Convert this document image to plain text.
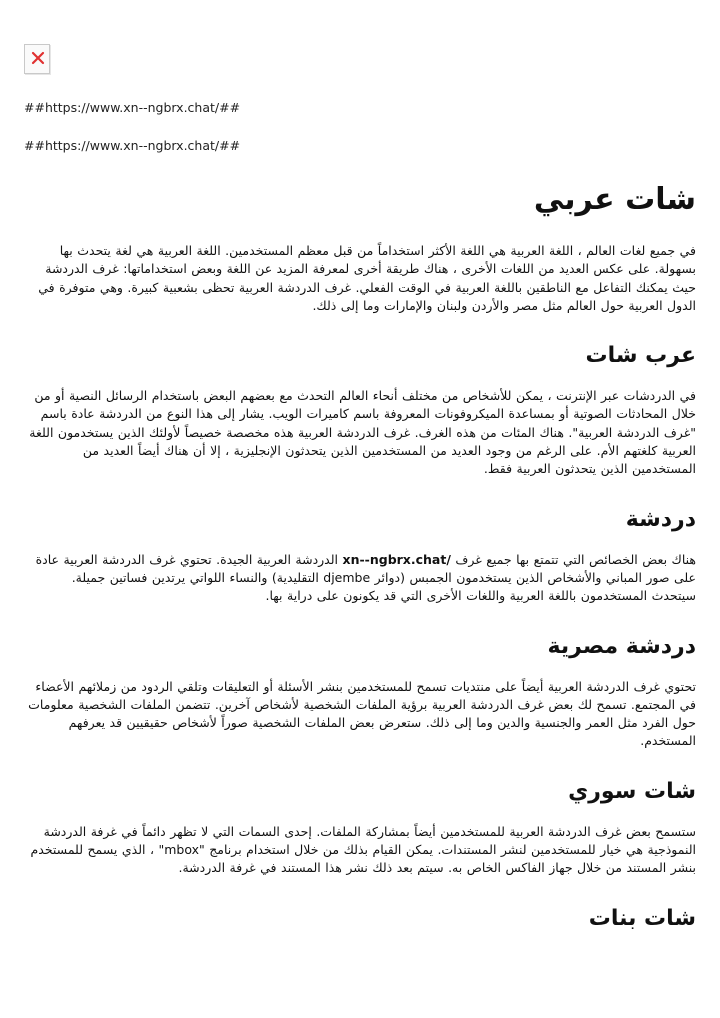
##https://www.xn--ngbrx.chat/##

##https://www.xn--ngbrx.chat/##

شات عربي

في جميع لغات العالم ، اللغة العربية هي اللغة الأكثر استخداماً من قبل معظم المستخدمين. اللغة العربية هي لغة يتحدث بها بسهولة. على عكس العديد من اللغات الأخرى ، هناك طريقة أخرى لمعرفة المزيد عن اللغة وبعض استخداماتها: غرف الدردشة حيث يمكنك التفاعل مع الناطقين باللغة العربية في الوقت الفعلي. غرف الدردشة العربية تحظى بشعبية كبيرة. وهي متوفرة في الدول العربية حول العالم مثل مصر والأردن ولبنان والإمارات وما إلى ذلك.

عرب شات

في الدردشات عبر الإنترنت ، يمكن للأشخاص من مختلف أنحاء العالم التحدث مع بعضهم البعض باستخدام الرسائل النصية أو من خلال المحادثات الصوتية أو بمساعدة الميكروفونات المعروفة باسم كاميرات الويب. يشار إلى هذا النوع من الدردشة عادة باسم "غرف الدردشة العربية". هناك المئات من هذه الغرف. غرف الدردشة العربية هذه مخصصة خصيصاً لأولئك الذين يستخدمون اللغة العربية كلغتهم الأم. على الرغم من وجود العديد من المستخدمين الذين يتحدثون الإنجليزية ، إلا أن هناك أيضاً العديد من المستخدمين الذين يتحدثون العربية فقط.

دردشة

هناك بعض الخصائص التي تتمتع بها جميع غرف xn--ngbrx.chat/ الدردشة العربية الجيدة. تحتوي غرف الدردشة العربية عادة على صور المباني والأشخاص الذين يستخدمون الجمبس (دوائر djembe التقليدية) والنساء اللواتي يرتدين فساتين جميلة. سيتحدث المستخدمون باللغة العربية واللغات الأخرى التي قد يكونون على دراية بها.

دردشة مصرية

تحتوي غرف الدردشة العربية أيضاً على منتديات تسمح للمستخدمين بنشر الأسئلة أو التعليقات وتلقي الردود من زملائهم الأعضاء في المجتمع. تسمح لك بعض غرف الدردشة العربية برؤية الملفات الشخصية لأشخاص آخرين. تتضمن الملفات الشخصية معلومات حول الفرد مثل العمر والجنسية والدين وما إلى ذلك. ستعرض بعض الملفات الشخصية صوراً لأشخاص حقيقيين قد يعرفهم المستخدم.

شات سوري

ستسمح بعض غرف الدردشة العربية للمستخدمين أيضاً بمشاركة الملفات. إحدى السمات التي لا تظهر دائماً في غرفة الدردشة النموذجية هي خيار للمستخدمين لنشر المستندات. يمكن القيام بذلك من خلال استخدام برنامج "mbox" ، الذي يسمح للمستخدم بنشر المستند من خلال جهاز الفاكس الخاص به. سيتم بعد ذلك نشر هذا المستند في غرفة الدردشة.

شات بنات
